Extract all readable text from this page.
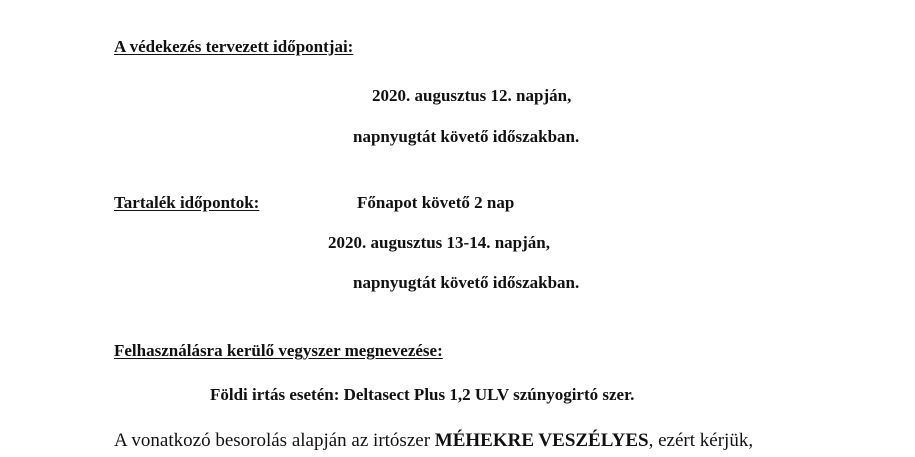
A védekezés tervezett időpontjai:
2020. augusztus 12. napján,
napnyugtát követő időszakban.
Tartalék időpontok:	Főnapot követő 2 nap
2020. augusztus 13-14. napján,
napnyugtát követő időszakban.
Felhasználásra kerülő vegyszer megnevezése:
Földi irtás esetén: Deltasect Plus 1,2 ULV szúnyogirtó szer.
A vonatkozó besorolás alapján az irtószer MÉHEKRE VESZÉLYES, ezért kérjük,
